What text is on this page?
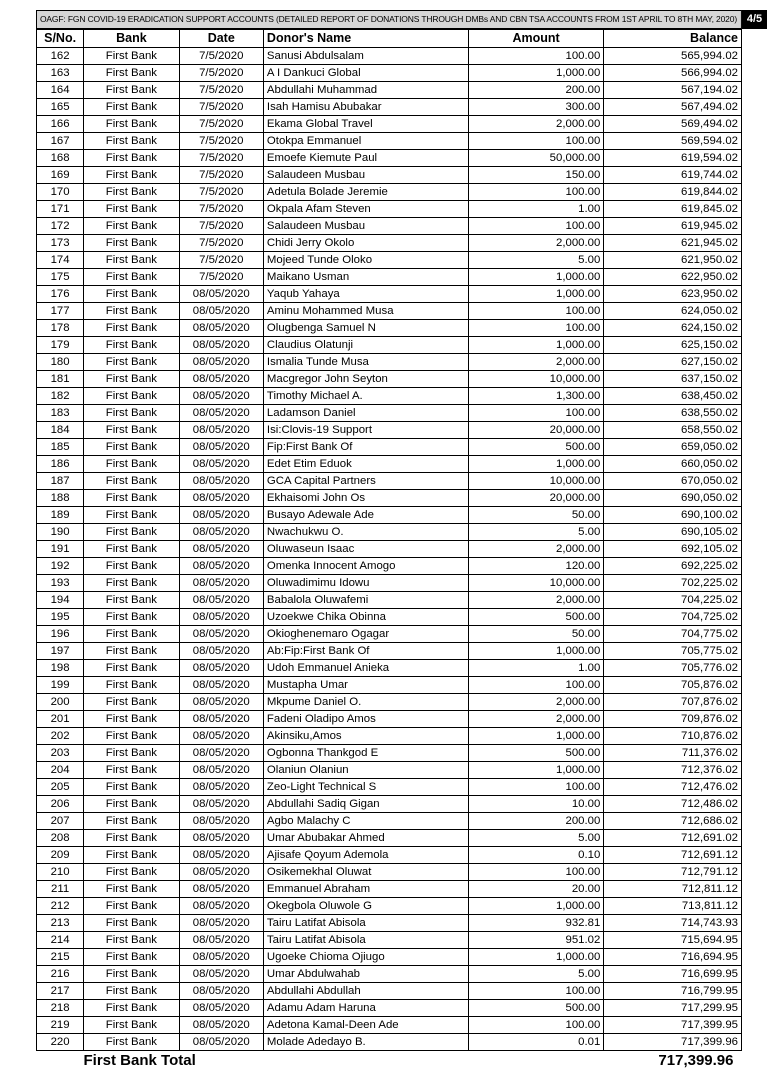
OAGF: FGN COVID-19 ERADICATION SUPPORT ACCOUNTS (DETAILED REPORT OF DONATIONS THROUGH DMBs AND CBN TSA ACCOUNTS FROM 1ST APRIL TO 8TH MAY, 2020) 4/5
S/No.	Bank	Date	Donor's Name	Amount	Balance
162	First Bank	7/5/2020	Sanusi Abdulsalam	100.00	565,994.02
163	First Bank	7/5/2020	A I Dankuci Global	1,000.00	566,994.02
164	First Bank	7/5/2020	Abdullahi Muhammad	200.00	567,194.02
165	First Bank	7/5/2020	Isah Hamisu Abubakar	300.00	567,494.02
166	First Bank	7/5/2020	Ekama Global Travel	2,000.00	569,494.02
167	First Bank	7/5/2020	Otokpa Emmanuel	100.00	569,594.02
168	First Bank	7/5/2020	Emoefe Kiemute Paul	50,000.00	619,594.02
169	First Bank	7/5/2020	Salaudeen Musbau	150.00	619,744.02
170	First Bank	7/5/2020	Adetula Bolade Jeremie	100.00	619,844.02
171	First Bank	7/5/2020	Okpala Afam Steven	1.00	619,845.02
172	First Bank	7/5/2020	Salaudeen Musbau	100.00	619,945.02
173	First Bank	7/5/2020	Chidi Jerry Okolo	2,000.00	621,945.02
174	First Bank	7/5/2020	Mojeed Tunde Oloko	5.00	621,950.02
175	First Bank	7/5/2020	Maikano Usman	1,000.00	622,950.02
176	First Bank	08/05/2020	Yaqub Yahaya	1,000.00	623,950.02
177	First Bank	08/05/2020	Aminu Mohammed Musa	100.00	624,050.02
178	First Bank	08/05/2020	Olugbenga Samuel N	100.00	624,150.02
179	First Bank	08/05/2020	Claudius Olatunji	1,000.00	625,150.02
180	First Bank	08/05/2020	Ismalia Tunde Musa	2,000.00	627,150.02
181	First Bank	08/05/2020	Macgregor John Seyton	10,000.00	637,150.02
182	First Bank	08/05/2020	Timothy Michael A.	1,300.00	638,450.02
183	First Bank	08/05/2020	Ladamson Daniel	100.00	638,550.02
184	First Bank	08/05/2020	Isi:Clovis-19 Support	20,000.00	658,550.02
185	First Bank	08/05/2020	Fip:First Bank Of	500.00	659,050.02
186	First Bank	08/05/2020	Edet Etim Eduok	1,000.00	660,050.02
187	First Bank	08/05/2020	GCA Capital Partners	10,000.00	670,050.02
188	First Bank	08/05/2020	Ekhaisomi John Os	20,000.00	690,050.02
189	First Bank	08/05/2020	Busayo Adewale Ade	50.00	690,100.02
190	First Bank	08/05/2020	Nwachukwu O.	5.00	690,105.02
191	First Bank	08/05/2020	Oluwaseun Isaac	2,000.00	692,105.02
192	First Bank	08/05/2020	Omenka Innocent Amogo	120.00	692,225.02
193	First Bank	08/05/2020	Oluwadimimu Idowu	10,000.00	702,225.02
194	First Bank	08/05/2020	Babalola Oluwafemi	2,000.00	704,225.02
195	First Bank	08/05/2020	Uzoekwe Chika Obinna	500.00	704,725.02
196	First Bank	08/05/2020	Okioghenemaro Ogagar	50.00	704,775.02
197	First Bank	08/05/2020	Ab:Fip:First Bank Of	1,000.00	705,775.02
198	First Bank	08/05/2020	Udoh Emmanuel Anieka	1.00	705,776.02
199	First Bank	08/05/2020	Mustapha Umar	100.00	705,876.02
200	First Bank	08/05/2020	Mkpume Daniel O.	2,000.00	707,876.02
201	First Bank	08/05/2020	Fadeni Oladipo Amos	2,000.00	709,876.02
202	First Bank	08/05/2020	Akinsiku,Amos	1,000.00	710,876.02
203	First Bank	08/05/2020	Ogbonna Thankgod E	500.00	711,376.02
204	First Bank	08/05/2020	Olaniun Olaniun	1,000.00	712,376.02
205	First Bank	08/05/2020	Zeo-Light Technical S	100.00	712,476.02
206	First Bank	08/05/2020	Abdullahi Sadiq Gigan	10.00	712,486.02
207	First Bank	08/05/2020	Agbo Malachy C	200.00	712,686.02
208	First Bank	08/05/2020	Umar Abubakar Ahmed	5.00	712,691.02
209	First Bank	08/05/2020	Ajisafe Qoyum Ademola	0.10	712,691.12
210	First Bank	08/05/2020	Osikemekhal Oluwat	100.00	712,791.12
211	First Bank	08/05/2020	Emmanuel Abraham	20.00	712,811.12
212	First Bank	08/05/2020	Okegbola Oluwole G	1,000.00	713,811.12
213	First Bank	08/05/2020	Tairu Latifat Abisola	932.81	714,743.93
214	First Bank	08/05/2020	Tairu Latifat Abisola	951.02	715,694.95
215	First Bank	08/05/2020	Ugoeke Chioma Ojiugo	1,000.00	716,694.95
216	First Bank	08/05/2020	Umar Abdulwahab	5.00	716,699.95
217	First Bank	08/05/2020	Abdullahi Abdullah	100.00	716,799.95
218	First Bank	08/05/2020	Adamu Adam Haruna	500.00	717,299.95
219	First Bank	08/05/2020	Adetona Kamal-Deen Ade	100.00	717,399.95
220	First Bank	08/05/2020	Molade Adedayo B.	0.01	717,399.96
First Bank Total				717,399.96	
